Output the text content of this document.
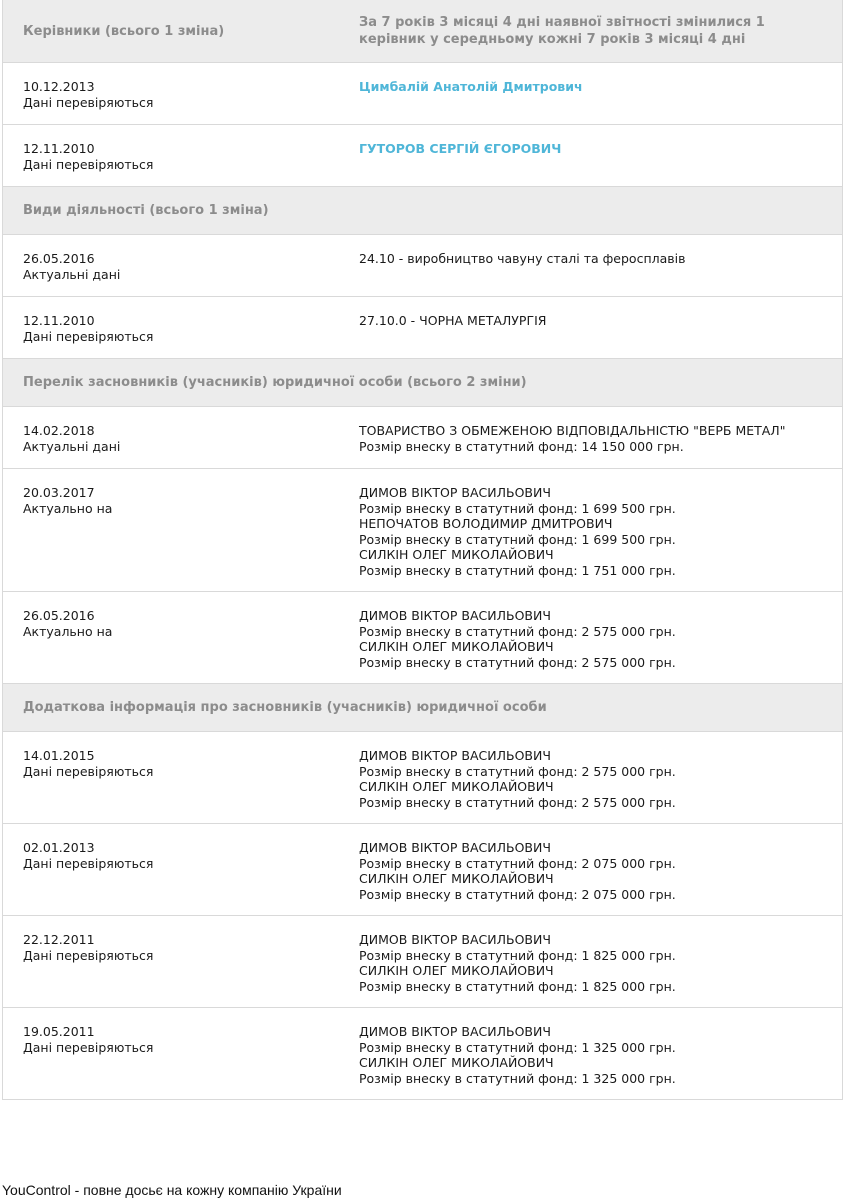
Керівники (всього 1 зміна)
За 7 років 3 місяці 4 дні наявної звітності змінилися 1 керівник у середньому кожні 7 років 3 місяці 4 дні
10.12.2013
Дані перевіряються
Цимбалій Анатолій Дмитрович
12.11.2010
Дані перевіряються
ГУТОРОВ СЕРГІЙ ЄГОРОВИЧ
Види діяльності (всього 1 зміна)
26.05.2016
Актуальні дані
24.10 - виробництво чавуну сталі та феросплавів
12.11.2010
Дані перевіряються
27.10.0 - ЧОРНА МЕТАЛУРГІЯ
Перелік засновників (учасників) юридичної особи (всього 2 зміни)
14.02.2018
Актуальні дані
ТОВАРИСТВО З ОБМЕЖЕНОЮ ВІДПОВІДАЛЬНІСТЮ "ВЕРБ МЕТАЛ"
Розмір внеску в статутний фонд: 14 150 000 грн.
20.03.2017
Актуально на
ДИМОВ ВІКТОР ВАСИЛЬОВИЧ
Розмір внеску в статутний фонд: 1 699 500 грн.
НЕПОЧАТОВ ВОЛОДИМИР ДМИТРОВИЧ
Розмір внеску в статутний фонд: 1 699 500 грн.
СИЛКІН ОЛЕГ МИКОЛАЙОВИЧ
Розмір внеску в статутний фонд: 1 751 000 грн.
26.05.2016
Актуально на
ДИМОВ ВІКТОР ВАСИЛЬОВИЧ
Розмір внеску в статутний фонд: 2 575 000 грн.
СИЛКІН ОЛЕГ МИКОЛАЙОВИЧ
Розмір внеску в статутний фонд: 2 575 000 грн.
Додаткова інформація про засновників (учасників) юридичної особи
14.01.2015
Дані перевіряються
ДИМОВ ВІКТОР ВАСИЛЬОВИЧ
Розмір внеску в статутний фонд: 2 575 000 грн.
СИЛКІН ОЛЕГ МИКОЛАЙОВИЧ
Розмір внеску в статутний фонд: 2 575 000 грн.
02.01.2013
Дані перевіряються
ДИМОВ ВІКТОР ВАСИЛЬОВИЧ
Розмір внеску в статутний фонд: 2 075 000 грн.
СИЛКІН ОЛЕГ МИКОЛАЙОВИЧ
Розмір внеску в статутний фонд: 2 075 000 грн.
22.12.2011
Дані перевіряються
ДИМОВ ВІКТОР ВАСИЛЬОВИЧ
Розмір внеску в статутний фонд: 1 825 000 грн.
СИЛКІН ОЛЕГ МИКОЛАЙОВИЧ
Розмір внеску в статутний фонд: 1 825 000 грн.
19.05.2011
Дані перевіряються
ДИМОВ ВІКТОР ВАСИЛЬОВИЧ
Розмір внеску в статутний фонд: 1 325 000 грн.
СИЛКІН ОЛЕГ МИКОЛАЙОВИЧ
Розмір внеску в статутний фонд: 1 325 000 грн.
YouControl - повне досьє на кожну компанію України
